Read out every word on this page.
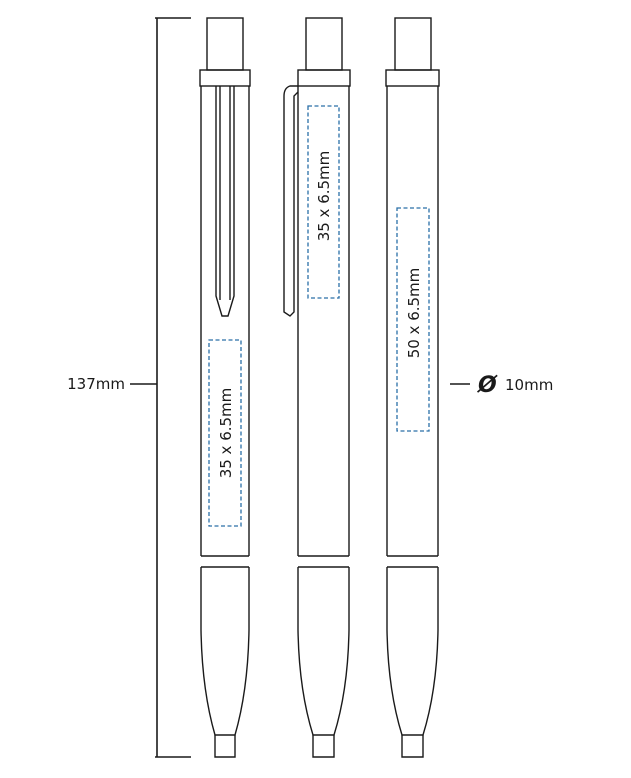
137mm
35 x 6.5mm
35 x 6.5mm
50 x 6.5mm
Ø 10mm
